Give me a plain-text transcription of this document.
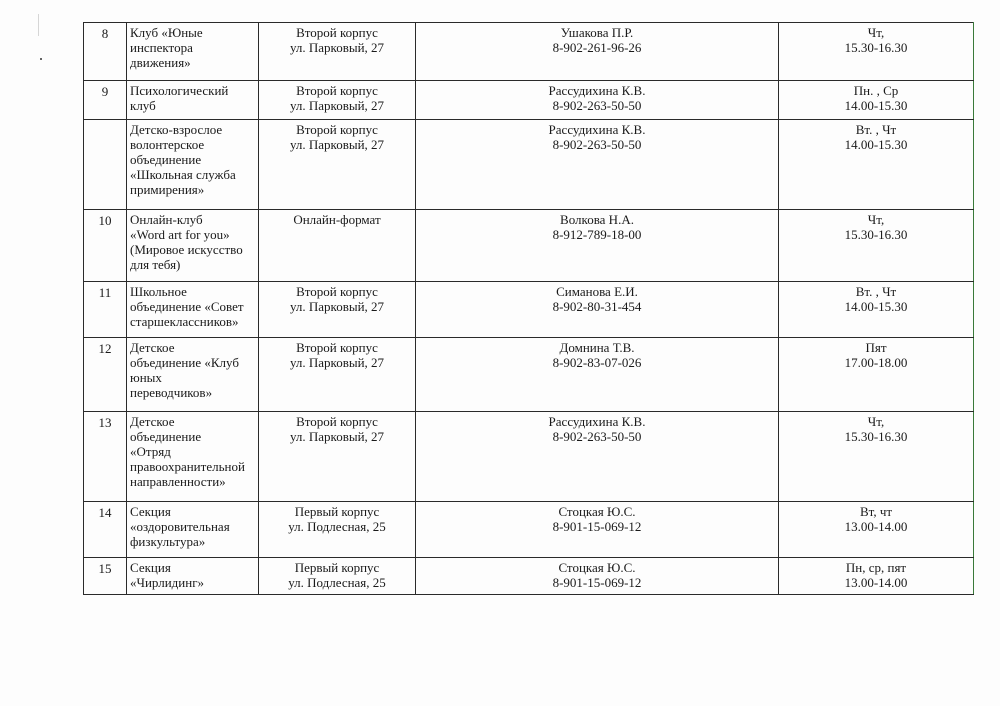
8	Клуб «Юные
инспектора
движения»	Второй корпус
ул. Парковый, 27	Ушакова П.Р.
8-902-261-96-26	Чт,
15.30-16.30

9	Психологический
клуб	Второй корпус
ул. Парковый, 27	Рассудихина К.В.
8-902-263-50-50	Пн. , Ср
14.00-15.30

	Детско-взрослое
волонтерское
объединение
«Школьная служба
примирения»	Второй корпус
ул. Парковый, 27	Рассудихина К.В.
8-902-263-50-50	Вт. , Чт
14.00-15.30

10	Онлайн-клуб
«Word art for you»
(Мировое искусство
для тебя)	Онлайн-формат	Волкова Н.А.
8-912-789-18-00	Чт,
15.30-16.30

11	Школьное
объединение «Совет
старшеклассников»	Второй корпус
ул. Парковый, 27	Симанова Е.И.
8-902-80-31-454	Вт. , Чт
14.00-15.30

12	Детское
объединение «Клуб
юных
переводчиков»	Второй корпус
ул. Парковый, 27	Домнина Т.В.
8-902-83-07-026	Пят
17.00-18.00

13	Детское
объединение
«Отряд
правоохранительной
направленности»	Второй корпус
ул. Парковый, 27	Рассудихина К.В.
8-902-263-50-50	Чт,
15.30-16.30

14	Секция
«оздоровительная
физкультура»	Первый корпус
ул. Подлесная, 25	Стоцкая Ю.С.
8-901-15-069-12	Вт, чт
13.00-14.00

15	Секция
«Чирлидинг»	Первый корпус
ул. Подлесная, 25	Стоцкая Ю.С.
8-901-15-069-12	Пн, ср, пят
13.00-14.00
